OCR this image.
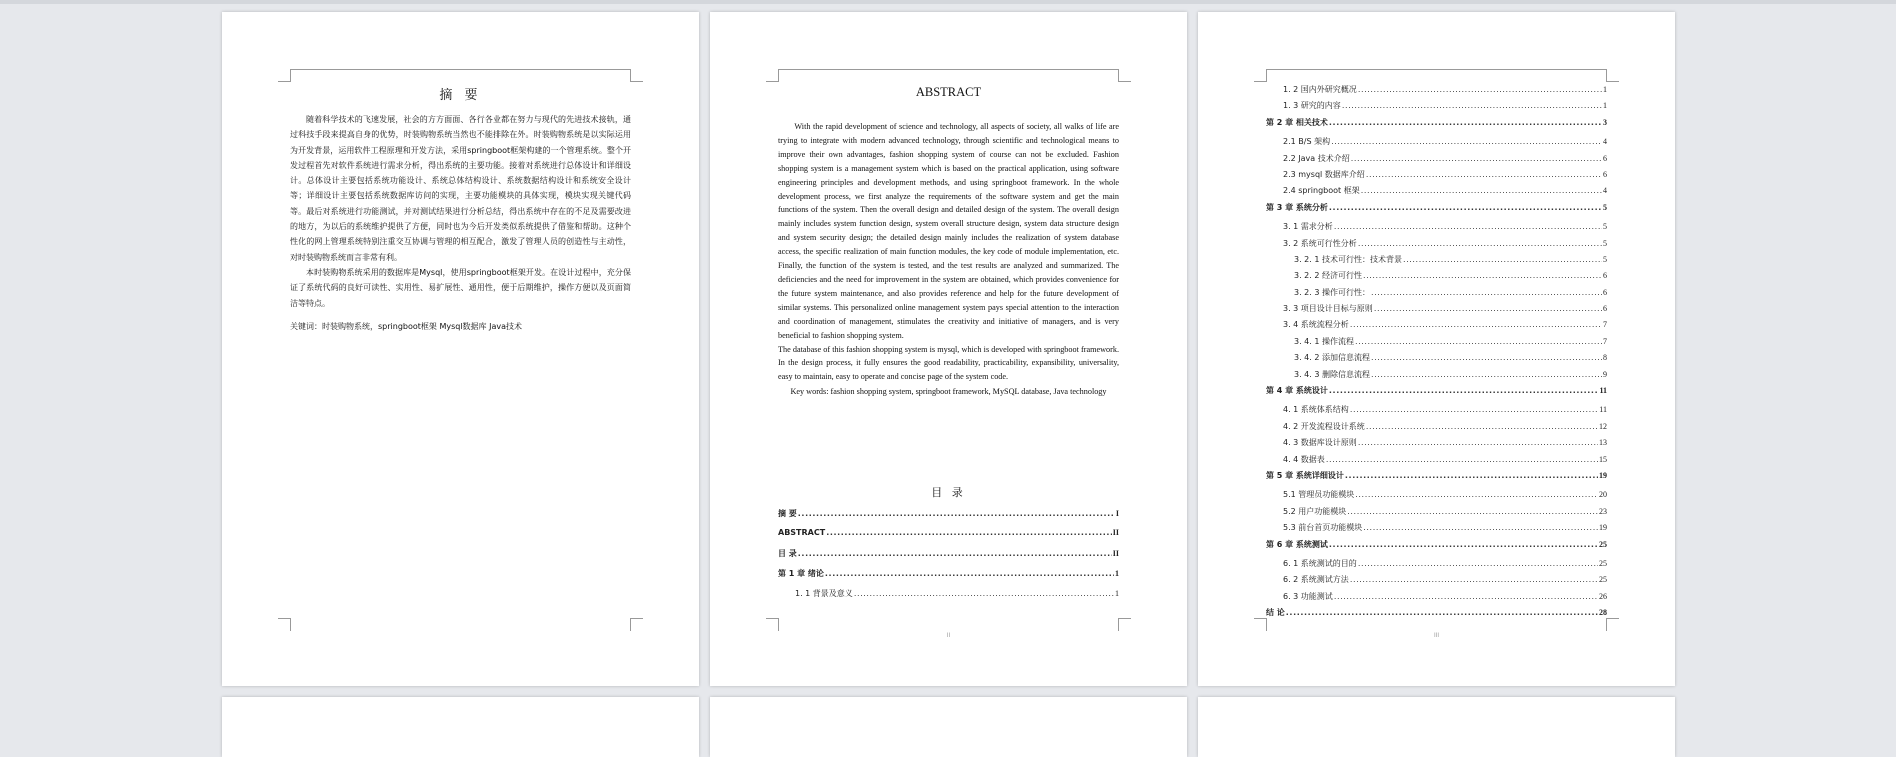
摘 要

随着科学技术的飞速发展，社会的方方面面、各行各业都在努力与现代的先进技术接轨，通过科技手段来提高自身的优势，时装购物系统当然也不能排除在外。时装购物系统是以实际运用为开发背景，运用软件工程原理和开发方法，采用springboot框架构建的一个管理系统。整个开发过程首先对软件系统进行需求分析，得出系统的主要功能。接着对系统进行总体设计和详细设计。总体设计主要包括系统功能设计、系统总体结构设计、系统数据结构设计和系统安全设计等；详细设计主要包括系统数据库访问的实现，主要功能模块的具体实现，模块实现关键代码等。最后对系统进行功能测试，并对测试结果进行分析总结，得出系统中存在的不足及需要改进的地方，为以后的系统维护提供了方便，同时也为今后开发类似系统提供了借鉴和帮助。这种个性化的网上管理系统特别注重交互协调与管理的相互配合，激发了管理人员的创造性与主动性，对时装购物系统而言非常有利。

本时装购物系统采用的数据库是Mysql，使用springboot框架开发。在设计过程中，充分保证了系统代码的良好可读性、实用性、易扩展性、通用性，便于后期维护，操作方便以及页面简洁等特点。

关键词：时装购物系统，springboot框架 Mysql数据库 Java技术

ABSTRACT

With the rapid development of science and technology, all aspects of society, all walks of life are trying to integrate with modern advanced technology, through scientific and technological means to improve their own advantages, fashion shopping system of course can not be excluded. Fashion shopping system is a management system which is based on the practical application, using software engineering principles and development methods, and using springboot framework. In the whole development process, we first analyze the requirements of the software system and get the main functions of the system. Then the overall design and detailed design of the system. The overall design mainly includes system function design, system overall structure design, system data structure design and system security design; the detailed design mainly includes the realization of system database access, the specific realization of main function modules, the key code of module implementation, etc. Finally, the function of the system is tested, and the test results are analyzed and summarized. The deficiencies and the need for improvement in the system are obtained, which provides convenience for the future system maintenance, and also provides reference and help for the future development of similar systems. This personalized online management system pays special attention to the interaction and coordination of management, stimulates the creativity and initiative of managers, and is very beneficial to fashion shopping system.

The database of this fashion shopping system is mysql, which is developed with springboot framework. In the design process, it fully ensures the good readability, practicability, expansibility, universality, easy to maintain, easy to operate and concise page of the system code.

Key words: fashion shopping system, springboot framework, MySQL database, Java technology

目 录
摘 要 .....	I
ABSTRACT .....	II
目 录 .....	II
第 1 章 绪论 .....	1
1. 1 背景及意义 .....	1
II
1. 2 国内外研究概况 .....	1
1. 3 研究的内容 .....	1
第 2 章 相关技术 .....	3
2.1 B/S 架构 .....	4
2.2 Java 技术介绍 .....	6
2.3 mysql 数据库介绍 .....	6
2.4 springboot 框架 .....	4
第 3 章 系统分析 .....	5
3. 1 需求分析 .....	5
3. 2 系统可行性分析 .....	5
3. 2. 1 技术可行性：技术背景 .....	5
3. 2. 2 经济可行性 .....	6
3. 2. 3 操作可行性： .....	6
3. 3 项目设计目标与原则 .....	6
3. 4 系统流程分析 .....	7
3. 4. 1 操作流程 .....	7
3. 4. 2 添加信息流程 .....	8
3. 4. 3 删除信息流程 .....	9
第 4 章 系统设计 .....	11
4. 1 系统体系结构 .....	11
4. 2 开发流程设计系统 .....	12
4. 3 数据库设计原则 .....	13
4. 4 数据表 .....	15
第 5 章 系统详细设计 .....	19
5.1 管理员功能模块 .....	20
5.2 用户功能模块 .....	23
5.3 前台首页功能模块 .....	19
第 6 章 系统测试 .....	25
6. 1 系统测试的目的 .....	25
6. 2 系统测试方法 .....	25
6. 3 功能测试 .....	26
结 论 .....	28
III
